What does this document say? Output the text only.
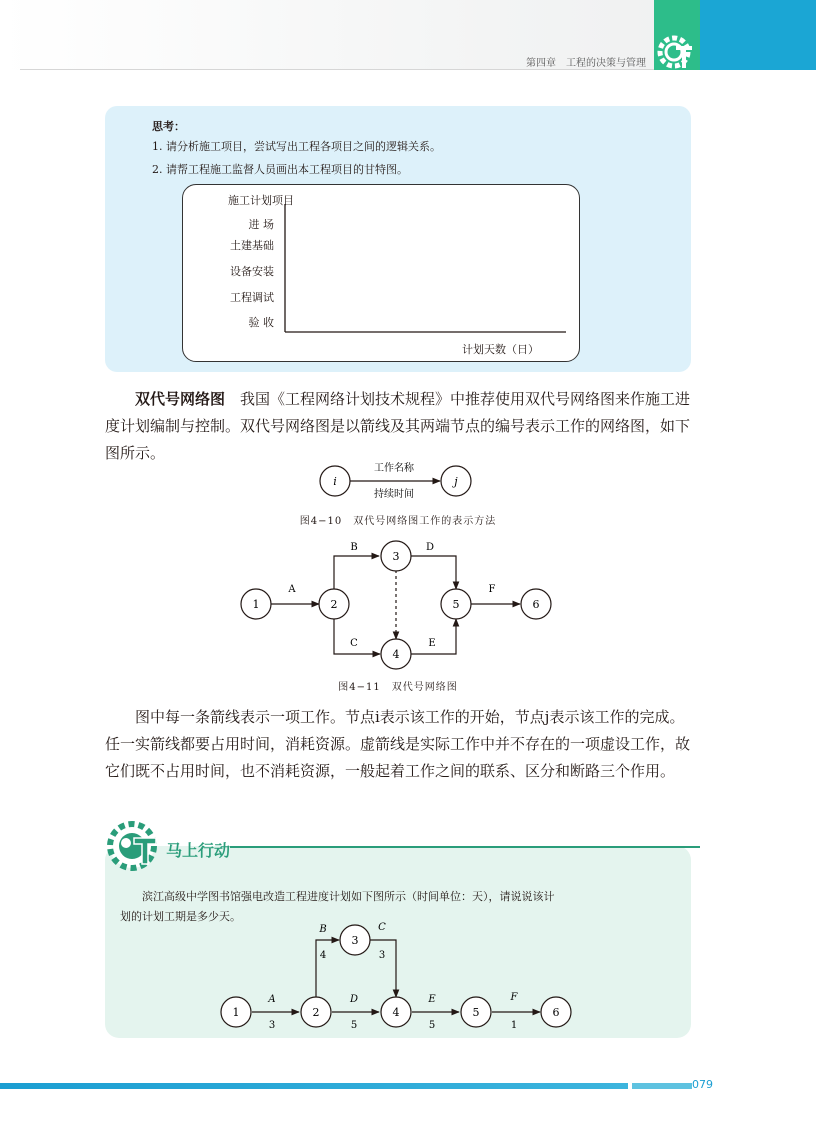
第四章　工程的决策与管理
思考：
1. 请分析施工项目，尝试写出工程各项目之间的逻辑关系。
2. 请帮工程施工监督人员画出本工程项目的甘特图。
施工计划项目
进 场
土建基础
设备安装
工程调试
验 收
计划天数（日）
双代号网络图　我国《工程网络计划技术规程》中推荐使用双代号网络图来作施工进度计划编制与控制。双代号网络图是以箭线及其两端节点的编号表示工作的网络图，如下图所示。
i	j
工作名称
持续时间
图4−10　双代号网络图工作的表示方法
1	2
3
4
5	6
A
B
C
D
E
F
图4−11　双代号网络图
　　图中每一条箭线表示一项工作。节点i表示该工作的开始，节点j表示该工作的完成。任一实箭线都要占用时间，消耗资源。虚箭线是实际工作中并不存在的一项虚设工作，故它们既不占用时间，也不消耗资源，一般起着工作之间的联系、区分和断路三个作用。
马上行动
　　滨江高级中学图书馆强电改造工程进度计划如下图所示（时间单位：天），请说说该计
划的计划工期是多少天。
1	2
3
4	5	6
A
B	C
D	E	F
3
4	3
5	5	1
079
